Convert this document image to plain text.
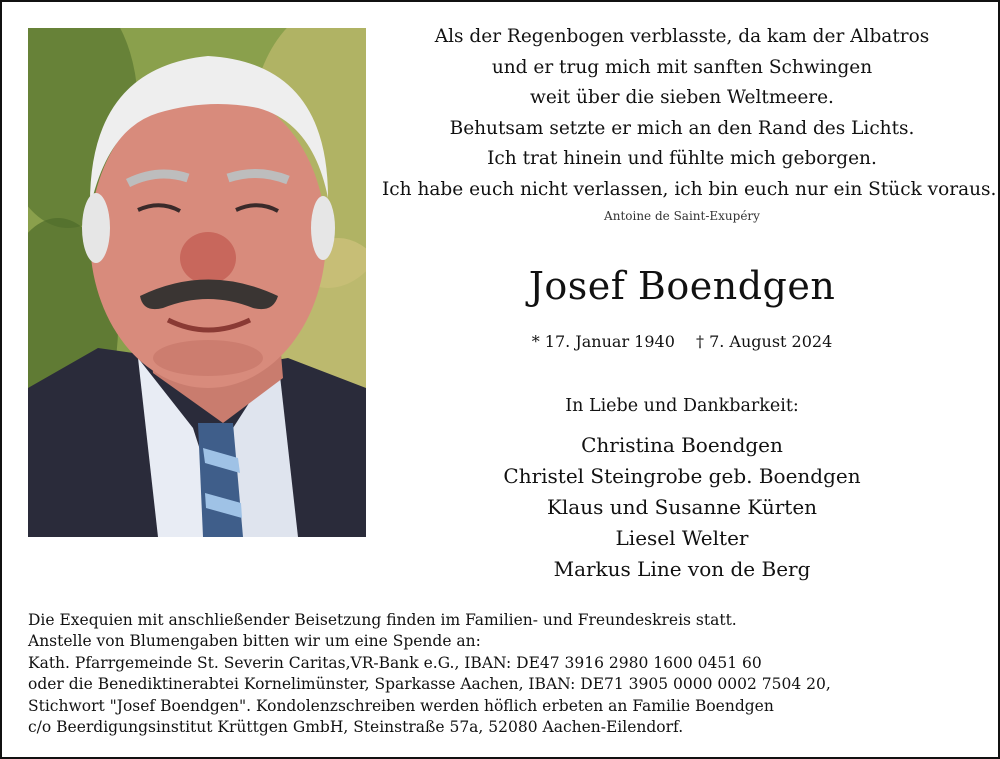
Als der Regenbogen verblasste, da kam der Albatros
und er trug mich mit sanften Schwingen
weit über die sieben Weltmeere.
Behutsam setzte er mich an den Rand des Lichts.
Ich trat hinein und fühlte mich geborgen.
Ich habe euch nicht verlassen, ich bin euch nur ein Stück voraus.
Antoine de Saint-Exupéry
Josef Boendgen
* 17. Januar 1940 † 7. August 2024
In Liebe und Dankbarkeit:
Christina Boendgen
Christel Steingrobe geb. Boendgen
Klaus und Susanne Kürten
Liesel Welter
Markus Line von de Berg
Die Exequien mit anschließender Beisetzung finden im Familien- und Freundeskreis statt.
Anstelle von Blumengaben bitten wir um eine Spende an:
Kath. Pfarrgemeinde St. Severin Caritas,VR-Bank e.G., IBAN: DE47 3916 2980 1600 0451 60
oder die Benediktinerabtei Kornelimünster, Sparkasse Aachen, IBAN: DE71 3905 0000 0002 7504 20,
Stichwort "Josef Boendgen". Kondolenzschreiben werden höflich erbeten an Familie Boendgen
c/o Beerdigungsinstitut Krüttgen GmbH, Steinstraße 57a, 52080 Aachen-Eilendorf.
